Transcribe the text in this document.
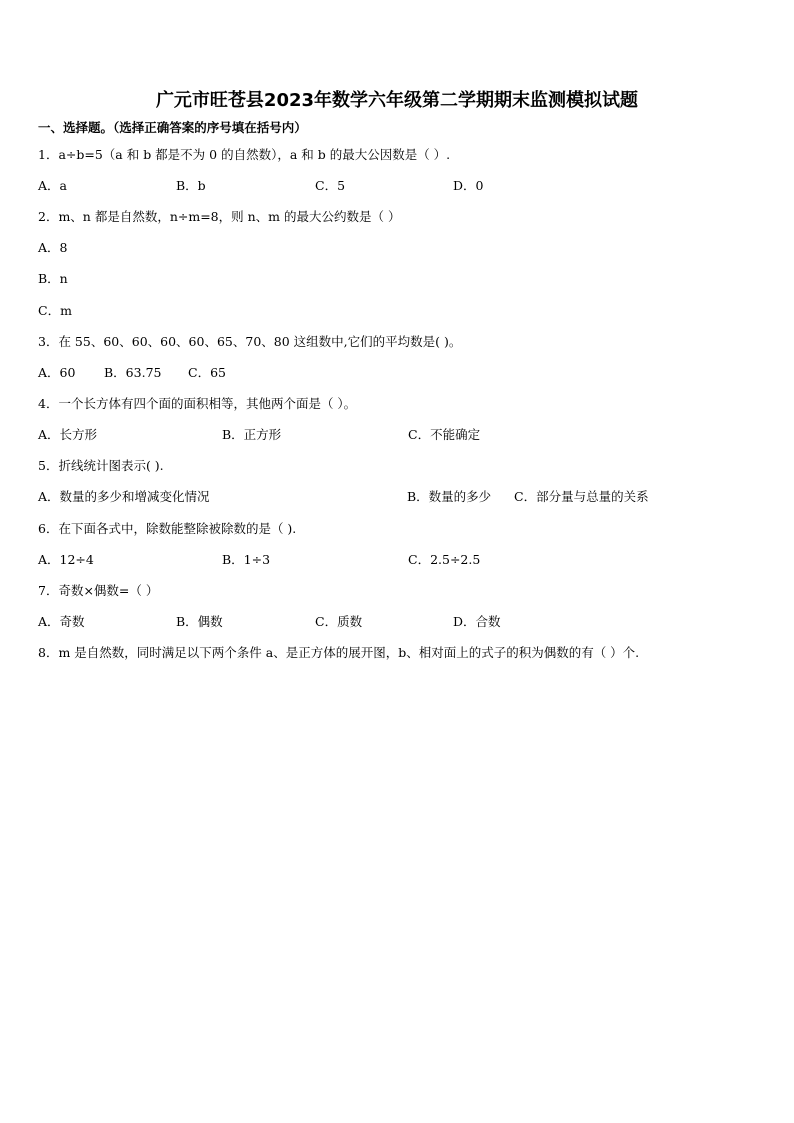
广元市旺苍县2023年数学六年级第二学期期末监测模拟试题
一、选择题。（选择正确答案的序号填在括号内）
1．a÷b=5（a 和 b 都是不为 0 的自然数），a 和 b 的最大公因数是（ ）.
A．a	B．b	C．5	D．0
2．m、n 都是自然数，n÷m=8，则 n、m 的最大公约数是（ ）
A．8
B．n
C．m
3．在 55、60、60、60、60、65、70、80 这组数中,它们的平均数是( )。
A．60 B．63.75 C．65
4．一个长方体有四个面的面积相等，其他两个面是（ ）。
A．长方形	B．正方形	C．不能确定
5．折线统计图表示( ).
A．数量的多少和增减变化情况	B．数量的多少 C．部分量与总量的关系
6．在下面各式中，除数能整除被除数的是（ ).
A．12÷4	B．1÷3	C．2.5÷2.5
7．奇数×偶数=（ ）
A．奇数	B．偶数	C．质数	D．合数
8．m 是自然数，同时满足以下两个条件 a、是正方体的展开图，b、相对面上的式子的积为偶数的有（ ）个.
